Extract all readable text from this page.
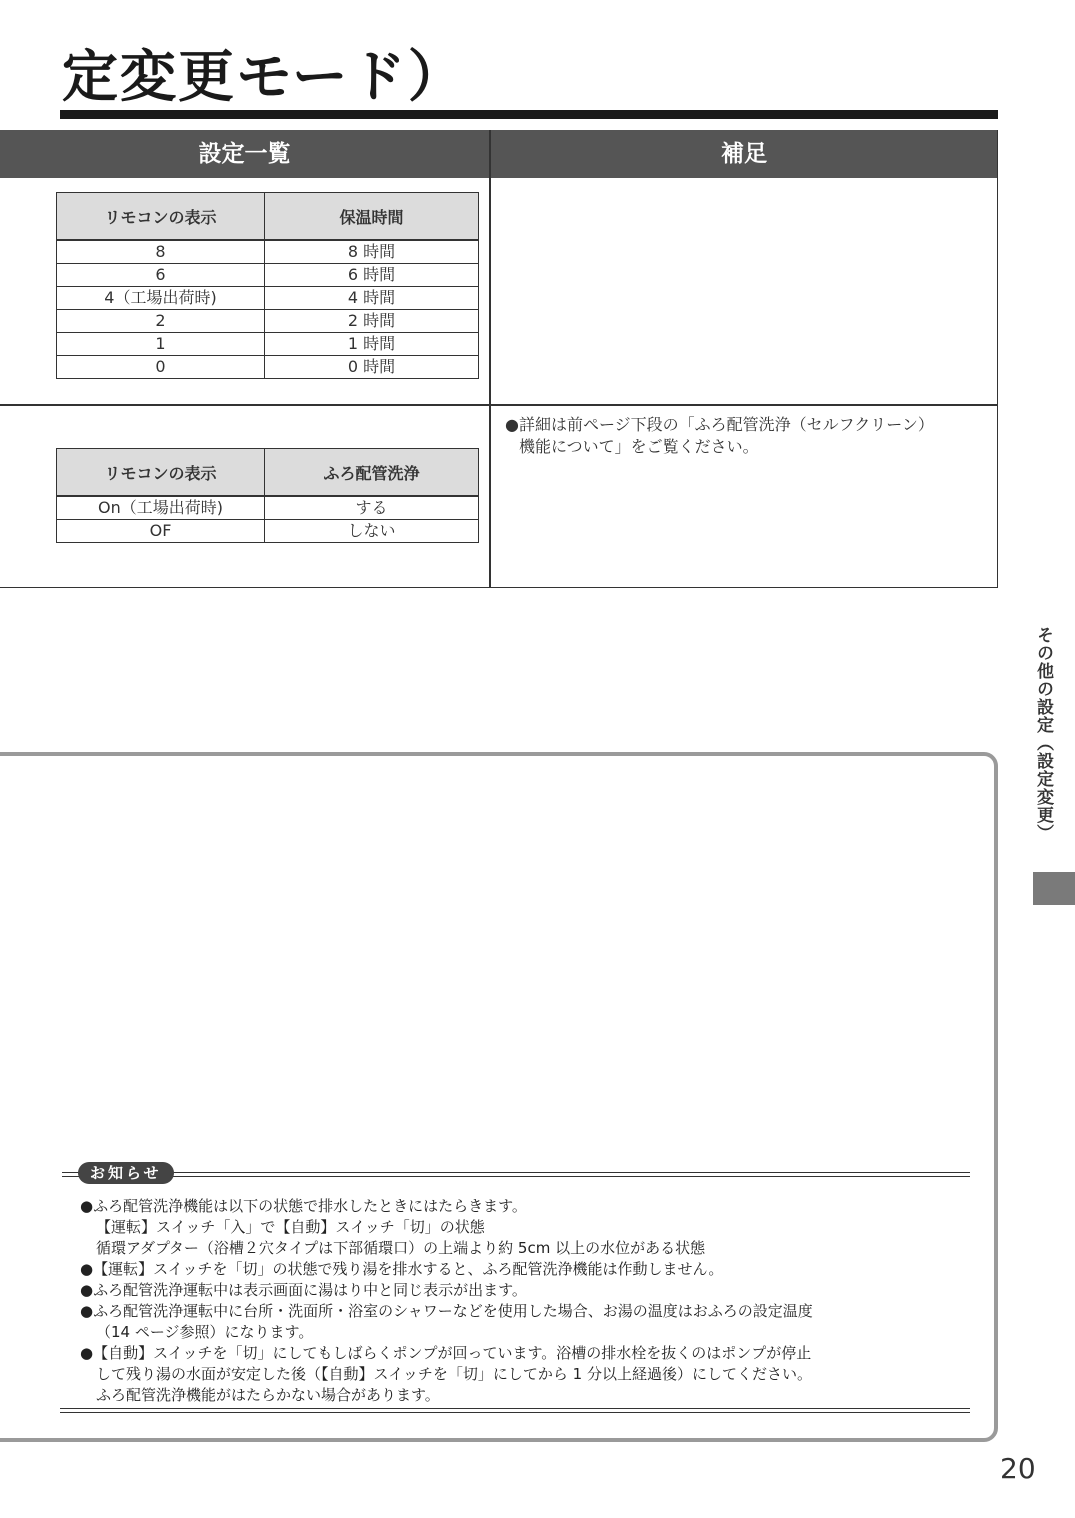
定変更モード）
設定一覧	補足
リモコンの表示	保温時間
8	8 時間
6	6 時間
4（工場出荷時)	4 時間
2	2 時間
1	1 時間
0	0 時間
リモコンの表示	ふろ配管洗浄
On（工場出荷時)	する
OF	しない
●詳細は前ページ下段の「ふろ配管洗浄（セルフクリーン）
機能について」をご覧ください。
その他の設定（設定変更）
お知らせ

●ふろ配管洗浄機能は以下の状態で排水したときにはたらきます。

【運転】スイッチ「入」で【自動】スイッチ「切」の状態

循環アダプター（浴槽２穴タイプは下部循環口）の上端より約 5cm 以上の水位がある状態

●【運転】スイッチを「切」の状態で残り湯を排水すると、ふろ配管洗浄機能は作動しません。

●ふろ配管洗浄運転中は表示画面に湯はり中と同じ表示が出ます。

●ふろ配管洗浄運転中に台所・洗面所・浴室のシャワーなどを使用した場合、お湯の温度はおふろの設定温度

（14 ページ参照）になります。

●【自動】スイッチを「切」にしてもしばらくポンプが回っています。浴槽の排水栓を抜くのはポンプが停止

して残り湯の水面が安定した後（【自動】スイッチを「切」にしてから 1 分以上経過後）にしてください。

ふろ配管洗浄機能がはたらかない場合があります。

20
